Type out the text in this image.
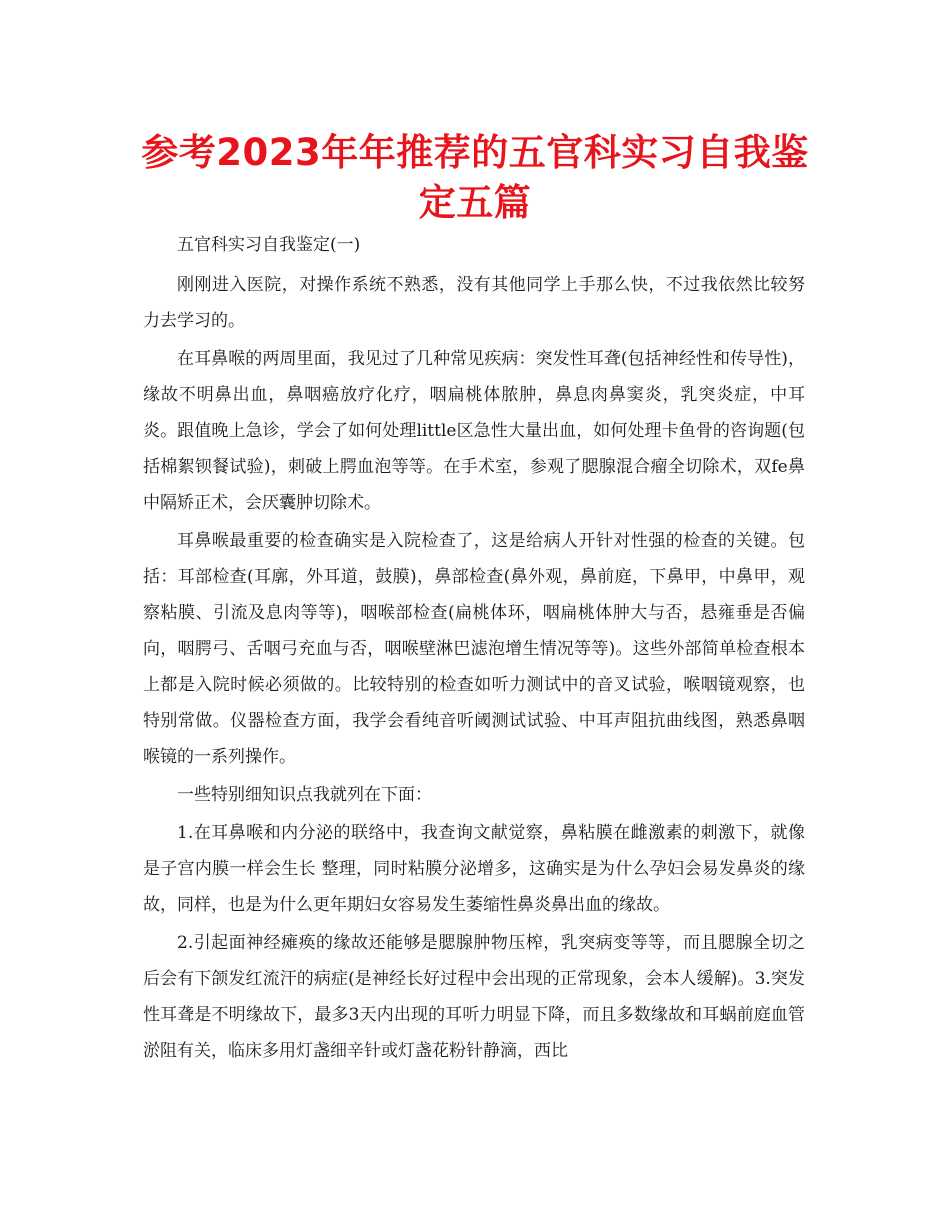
参考2023年年推荐的五官科实习自我鉴定五篇

五官科实习自我鉴定(一)

刚刚进入医院，对操作系统不熟悉，没有其他同学上手那么快，不过我依然比较努力去学习的。

在耳鼻喉的两周里面，我见过了几种常见疾病：突发性耳聋(包括神经性和传导性)，缘故不明鼻出血，鼻咽癌放疗化疗，咽扁桃体脓肿，鼻息肉鼻窦炎，乳突炎症，中耳炎。跟值晚上急诊，学会了如何处理little区急性大量出血，如何处理卡鱼骨的咨询题(包括棉絮钡餐试验)，刺破上腭血泡等等。在手术室，参观了腮腺混合瘤全切除术，双fe鼻中隔矫正术，会厌囊肿切除术。

耳鼻喉最重要的检查确实是入院检查了，这是给病人开针对性强的检查的关键。包括：耳部检查(耳廓，外耳道，鼓膜)，鼻部检查(鼻外观，鼻前庭，下鼻甲，中鼻甲，观察粘膜、引流及息肉等等)，咽喉部检查(扁桃体环，咽扁桃体肿大与否，悬雍垂是否偏向，咽腭弓、舌咽弓充血与否，咽喉壁淋巴滤泡增生情况等等)。这些外部简单检查根本上都是入院时候必须做的。比较特别的检查如听力测试中的音叉试验，喉咽镜观察，也特别常做。仪器检查方面，我学会看纯音听阈测试试验、中耳声阻抗曲线图，熟悉鼻咽喉镜的一系列操作。

一些特别细知识点我就列在下面：

1.在耳鼻喉和内分泌的联络中，我查询文献觉察，鼻粘膜在雌激素的刺激下，就像是子宫内膜一样会生长 整理，同时粘膜分泌增多，这确实是为什么孕妇会易发鼻炎的缘故，同样，也是为什么更年期妇女容易发生萎缩性鼻炎鼻出血的缘故。

2.引起面神经瘫痪的缘故还能够是腮腺肿物压榨，乳突病变等等，而且腮腺全切之后会有下颌发红流汗的病症(是神经长好过程中会出现的正常现象，会本人缓解)。3.突发性耳聋是不明缘故下，最多3天内出现的耳听力明显下降，而且多数缘故和耳蜗前庭血管淤阻有关，临床多用灯盏细辛针或灯盏花粉针静滴，西比
